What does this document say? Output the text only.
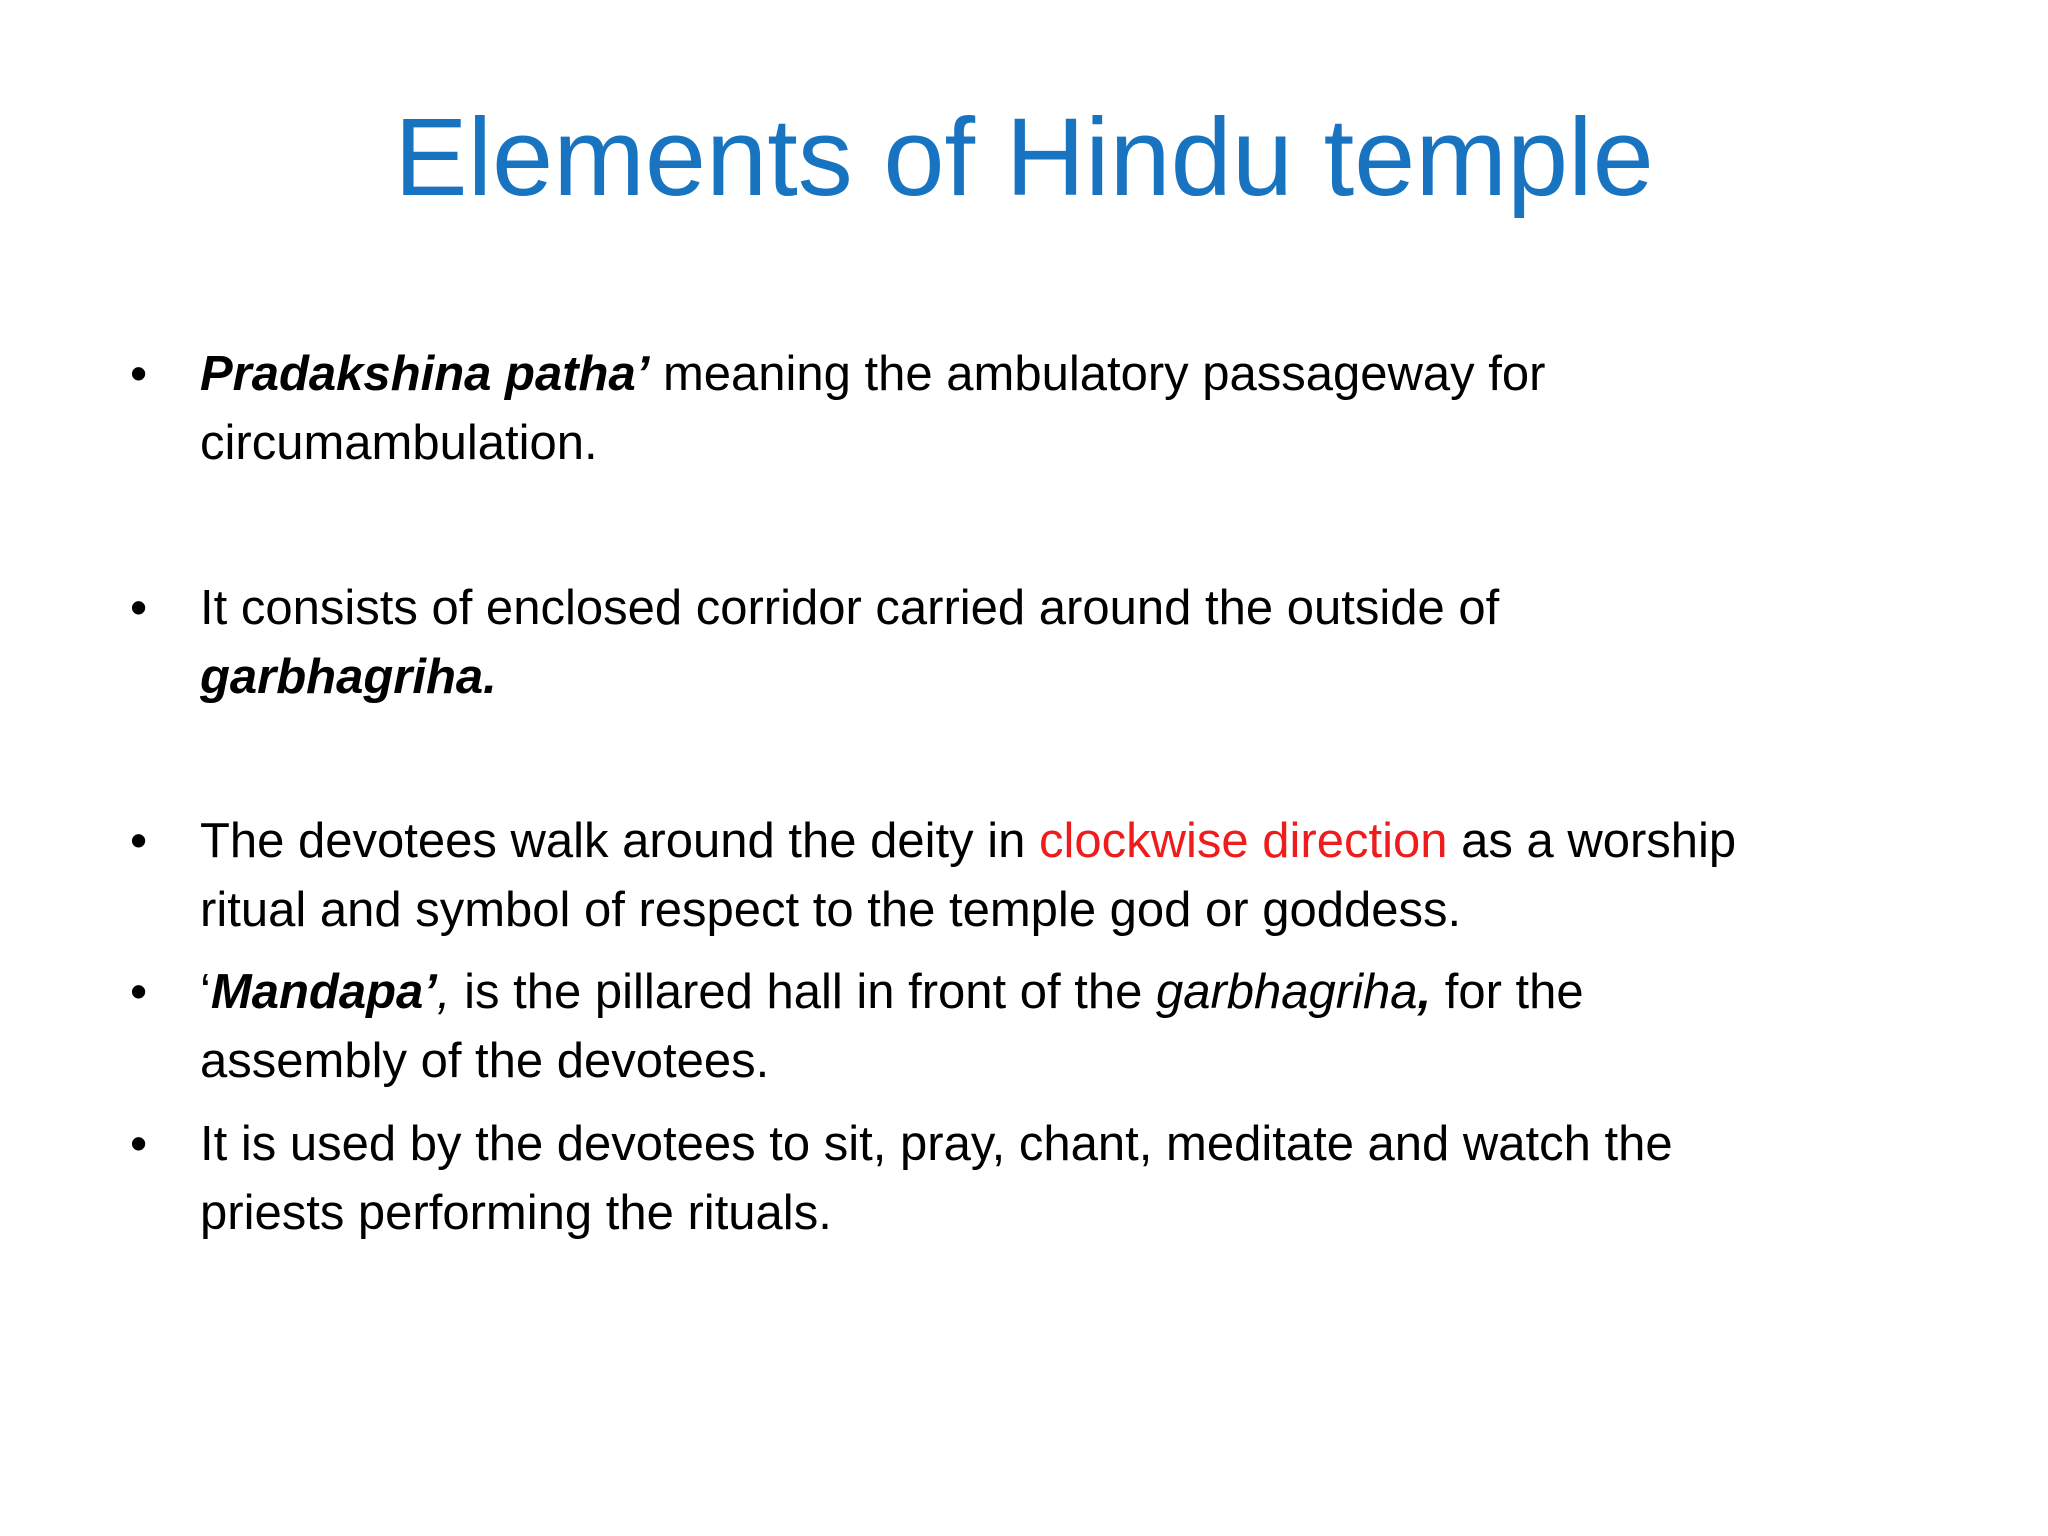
Elements of Hindu temple
• Pradakshina patha’ meaning the ambulatory passageway for
circumambulation.
• It consists of enclosed corridor carried around the outside of
garbhagriha.
• The devotees walk around the deity in clockwise direction as a worship
ritual and symbol of respect to the temple god or goddess.
• ‘Mandapa’, is the pillared hall in front of the garbhagriha, for the
assembly of the devotees.
• It is used by the devotees to sit, pray, chant, meditate and watch the
priests performing the rituals.
